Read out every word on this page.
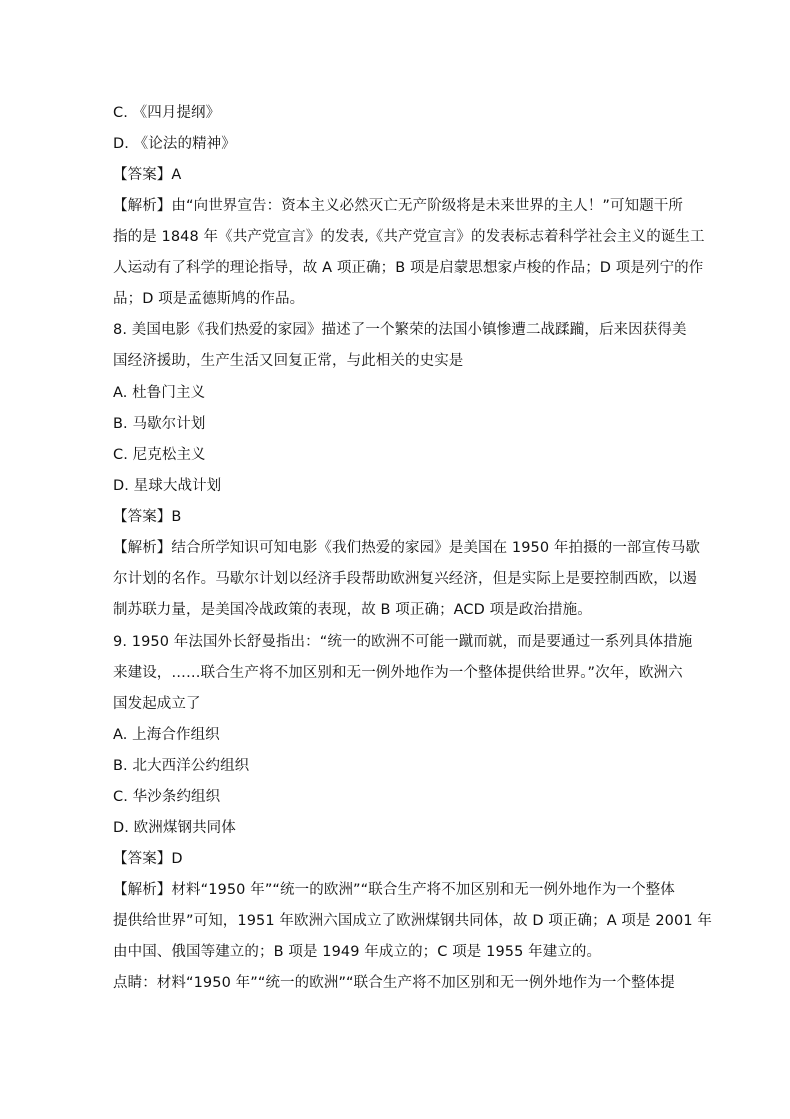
C. 《四月提纲》
D. 《论法的精神》
【答案】A
【解析】由“向世界宣告：资本主义必然灭亡无产阶级将是未来世界的主人！”可知题干所
指的是 1848 年《共产党宣言》的发表,《共产党宣言》的发表标志着科学社会主义的诞生工
人运动有了科学的理论指导，故 A 项正确；B 项是启蒙思想家卢梭的作品；D 项是列宁的作
品；D 项是孟德斯鸠的作品。
8. 美国电影《我们热爱的家园》描述了一个繁荣的法国小镇惨遭二战蹂躏，后来因获得美
国经济援助，生产生活又回复正常，与此相关的史实是
A. 杜鲁门主义
B. 马歇尔计划
C. 尼克松主义
D. 星球大战计划
【答案】B
【解析】结合所学知识可知电影《我们热爱的家园》是美国在 1950 年拍摄的一部宣传马歇
尔计划的名作。马歇尔计划以经济手段帮助欧洲复兴经济，但是实际上是要控制西欧，以遏
制苏联力量，是美国冷战政策的表现，故 B 项正确；ACD 项是政治措施。
9. 1950 年法国外长舒曼指出：“统一的欧洲不可能一蹴而就，而是要通过一系列具体措施
来建设，……联合生产将不加区别和无一例外地作为一个整体提供给世界。”次年，欧洲六
国发起成立了
A. 上海合作组织
B. 北大西洋公约组织
C. 华沙条约组织
D. 欧洲煤钢共同体
【答案】D
【解析】材料“1950 年”“统一的欧洲”“联合生产将不加区别和无一例外地作为一个整体
提供给世界”可知，1951 年欧洲六国成立了欧洲煤钢共同体，故 D 项正确；A 项是 2001 年
由中国、俄国等建立的；B 项是 1949 年成立的；C 项是 1955 年建立的。
点睛：材料“1950 年”“统一的欧洲”“联合生产将不加区别和无一例外地作为一个整体提
